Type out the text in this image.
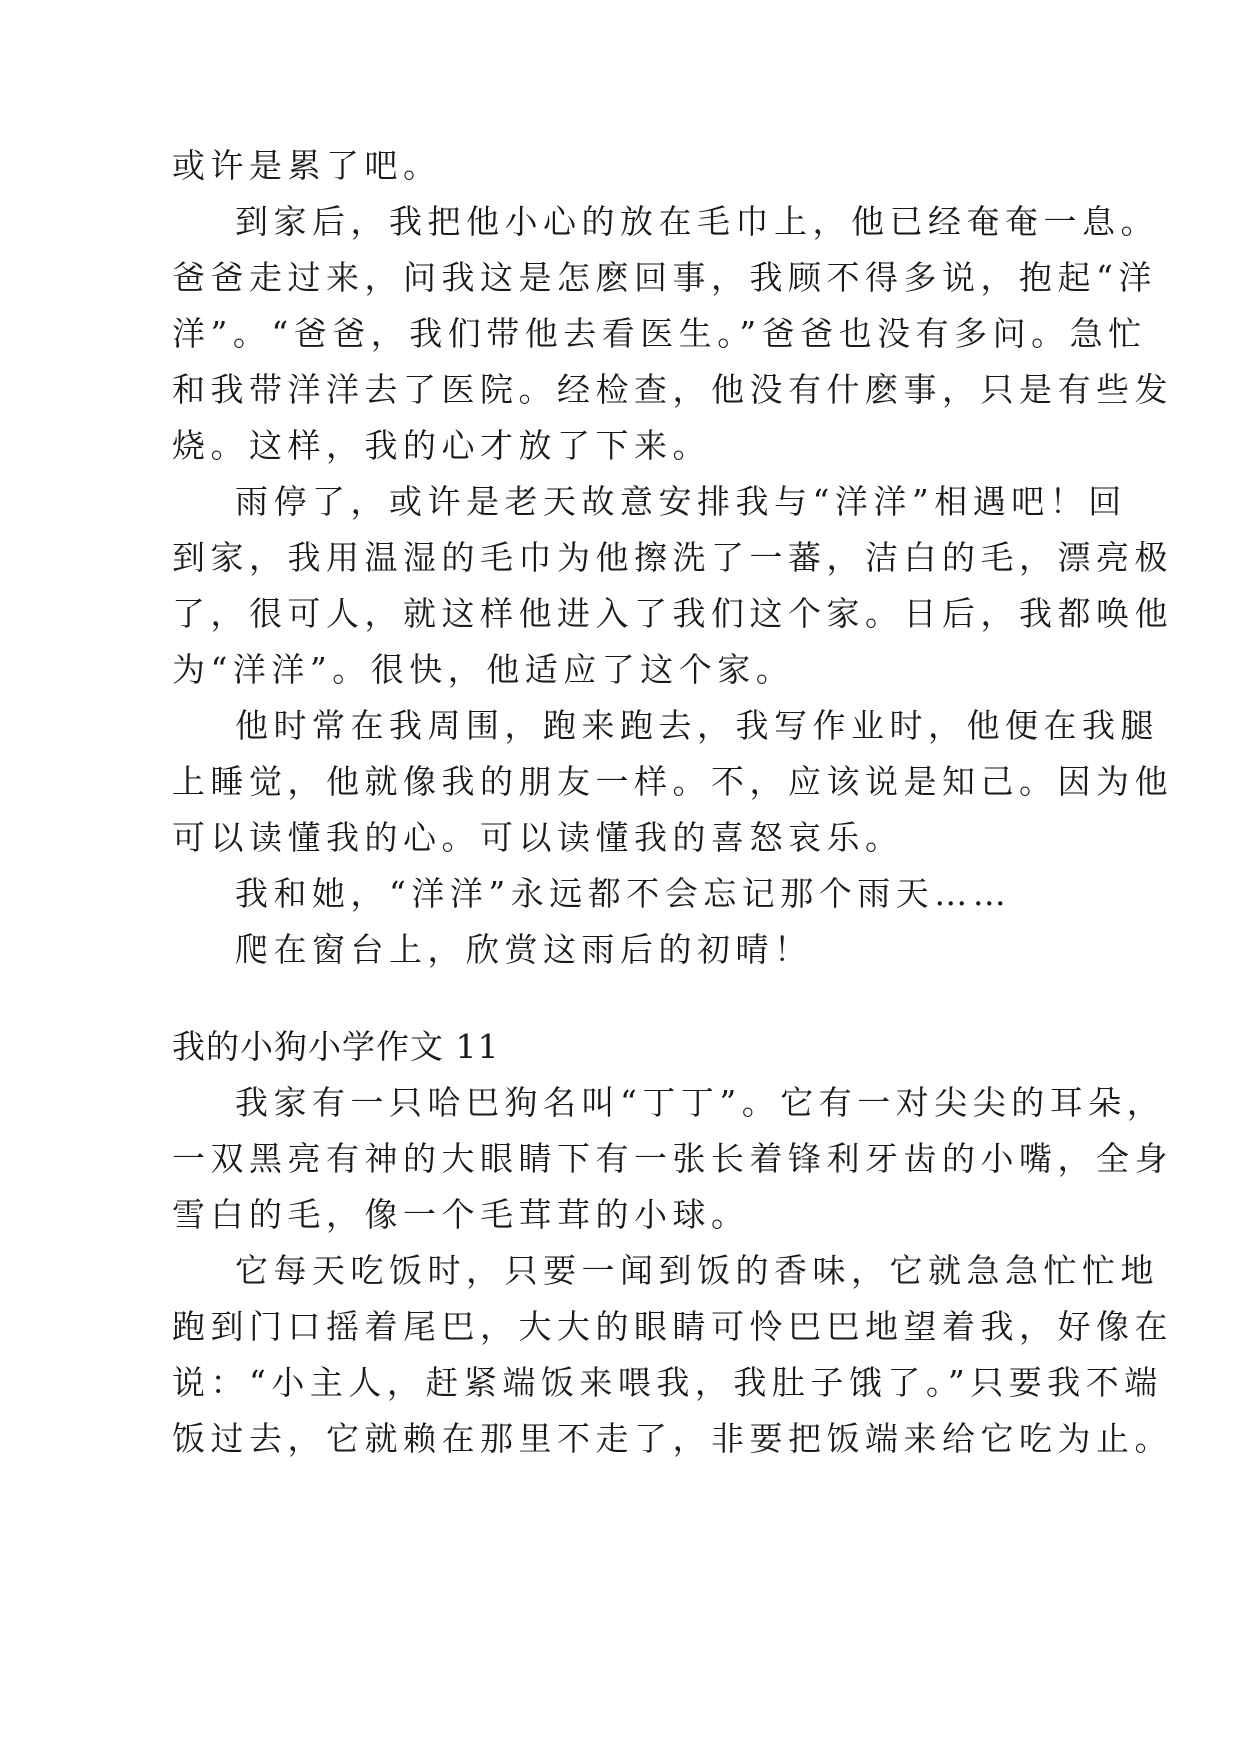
或许是累了吧。
到家后，我把他小心的放在毛巾上，他已经奄奄一息。
爸爸走过来，问我这是怎麽回事，我顾不得多说，抱起“洋
洋”。“爸爸，我们带他去看医生。”爸爸也没有多问。急忙
和我带洋洋去了医院。经检查，他没有什麽事，只是有些发
烧。这样，我的心才放了下来。
雨停了，或许是老天故意安排我与“洋洋”相遇吧！回
到家，我用温湿的毛巾为他擦洗了一蕃，洁白的毛，漂亮极
了，很可人，就这样他进入了我们这个家。日后，我都唤他
为“洋洋”。很快，他适应了这个家。
他时常在我周围，跑来跑去，我写作业时，他便在我腿
上睡觉，他就像我的朋友一样。不，应该说是知己。因为他
可以读懂我的心。可以读懂我的喜怒哀乐。
我和她，“洋洋”永远都不会忘记那个雨天……
爬在窗台上，欣赏这雨后的初晴！
我的小狗小学作文 11
我家有一只哈巴狗名叫“丁丁”。它有一对尖尖的耳朵，
一双黑亮有神的大眼睛下有一张长着锋利牙齿的小嘴，全身
雪白的毛，像一个毛茸茸的小球。
它每天吃饭时，只要一闻到饭的香味，它就急急忙忙地
跑到门口摇着尾巴，大大的眼睛可怜巴巴地望着我，好像在
说：“小主人，赶紧端饭来喂我，我肚子饿了。”只要我不端
饭过去，它就赖在那里不走了，非要把饭端来给它吃为止。
